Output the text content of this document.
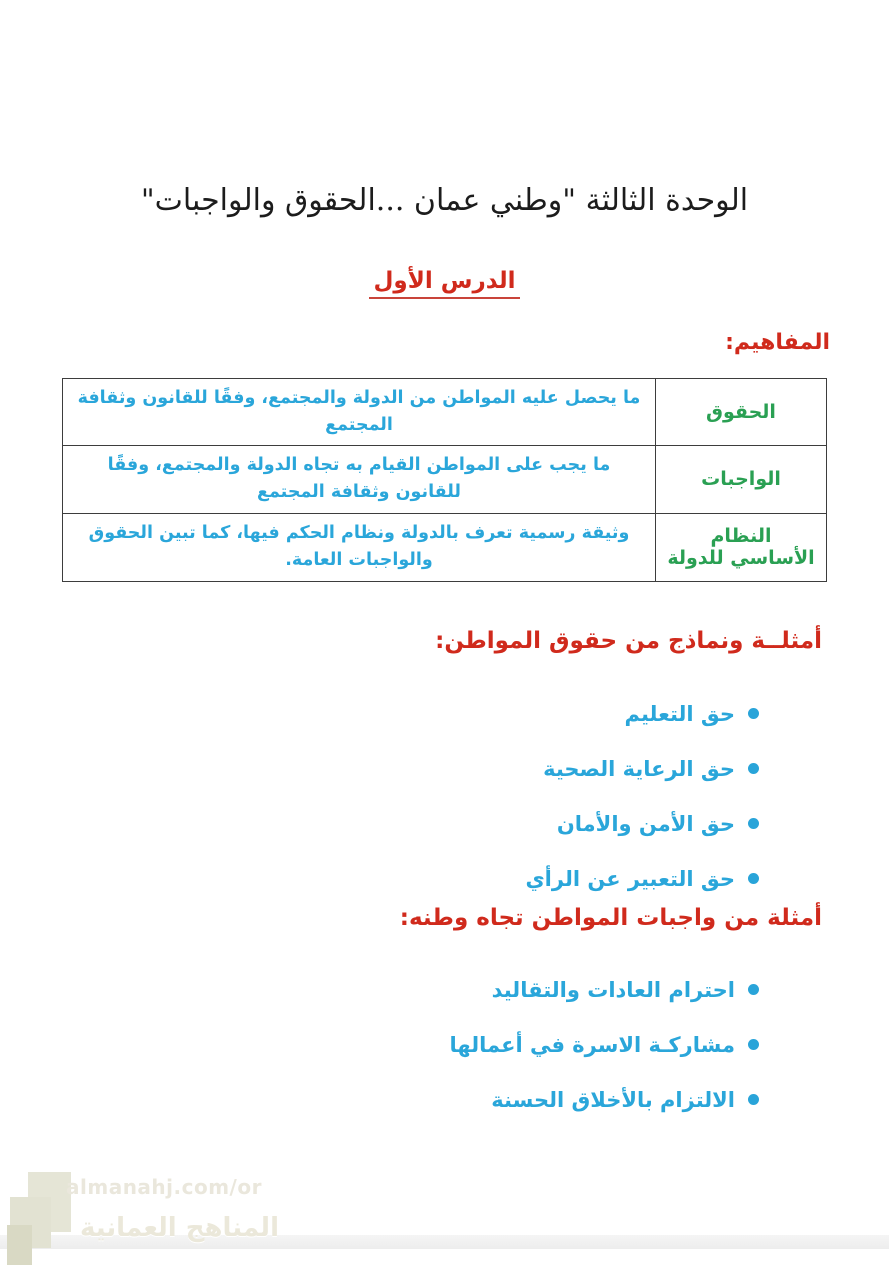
الوحدة الثالثة "وطني عمان ...الحقوق والواجبات"
الدرس الأول
المفاهيم:
الحقوق	ما يحصل عليه المواطن من الدولة والمجتمع، وفقًا للقانون وثقافة المجتمع
الواجبات	ما يجب على المواطن القيام به تجاه الدولة والمجتمع، وفقًا للقانون وثقافة المجتمع
النظام الأساسي للدولة	وثيقة رسمية تعرف بالدولة ونظام الحكم فيها، كما تبين الحقوق والواجبات العامة.
أمثلــة ونماذج من حقوق المواطن:
حق التعليم
حق الرعاية الصحية
حق الأمن والأمان
حق التعبير عن الرأي
أمثلة من واجبات المواطن تجاه وطنه:
احترام العادات والتقاليد
مشاركـة الاسرة في أعمالها
الالتزام بالأخلاق الحسنة
almanahj.com/or
المناهج العمانية
